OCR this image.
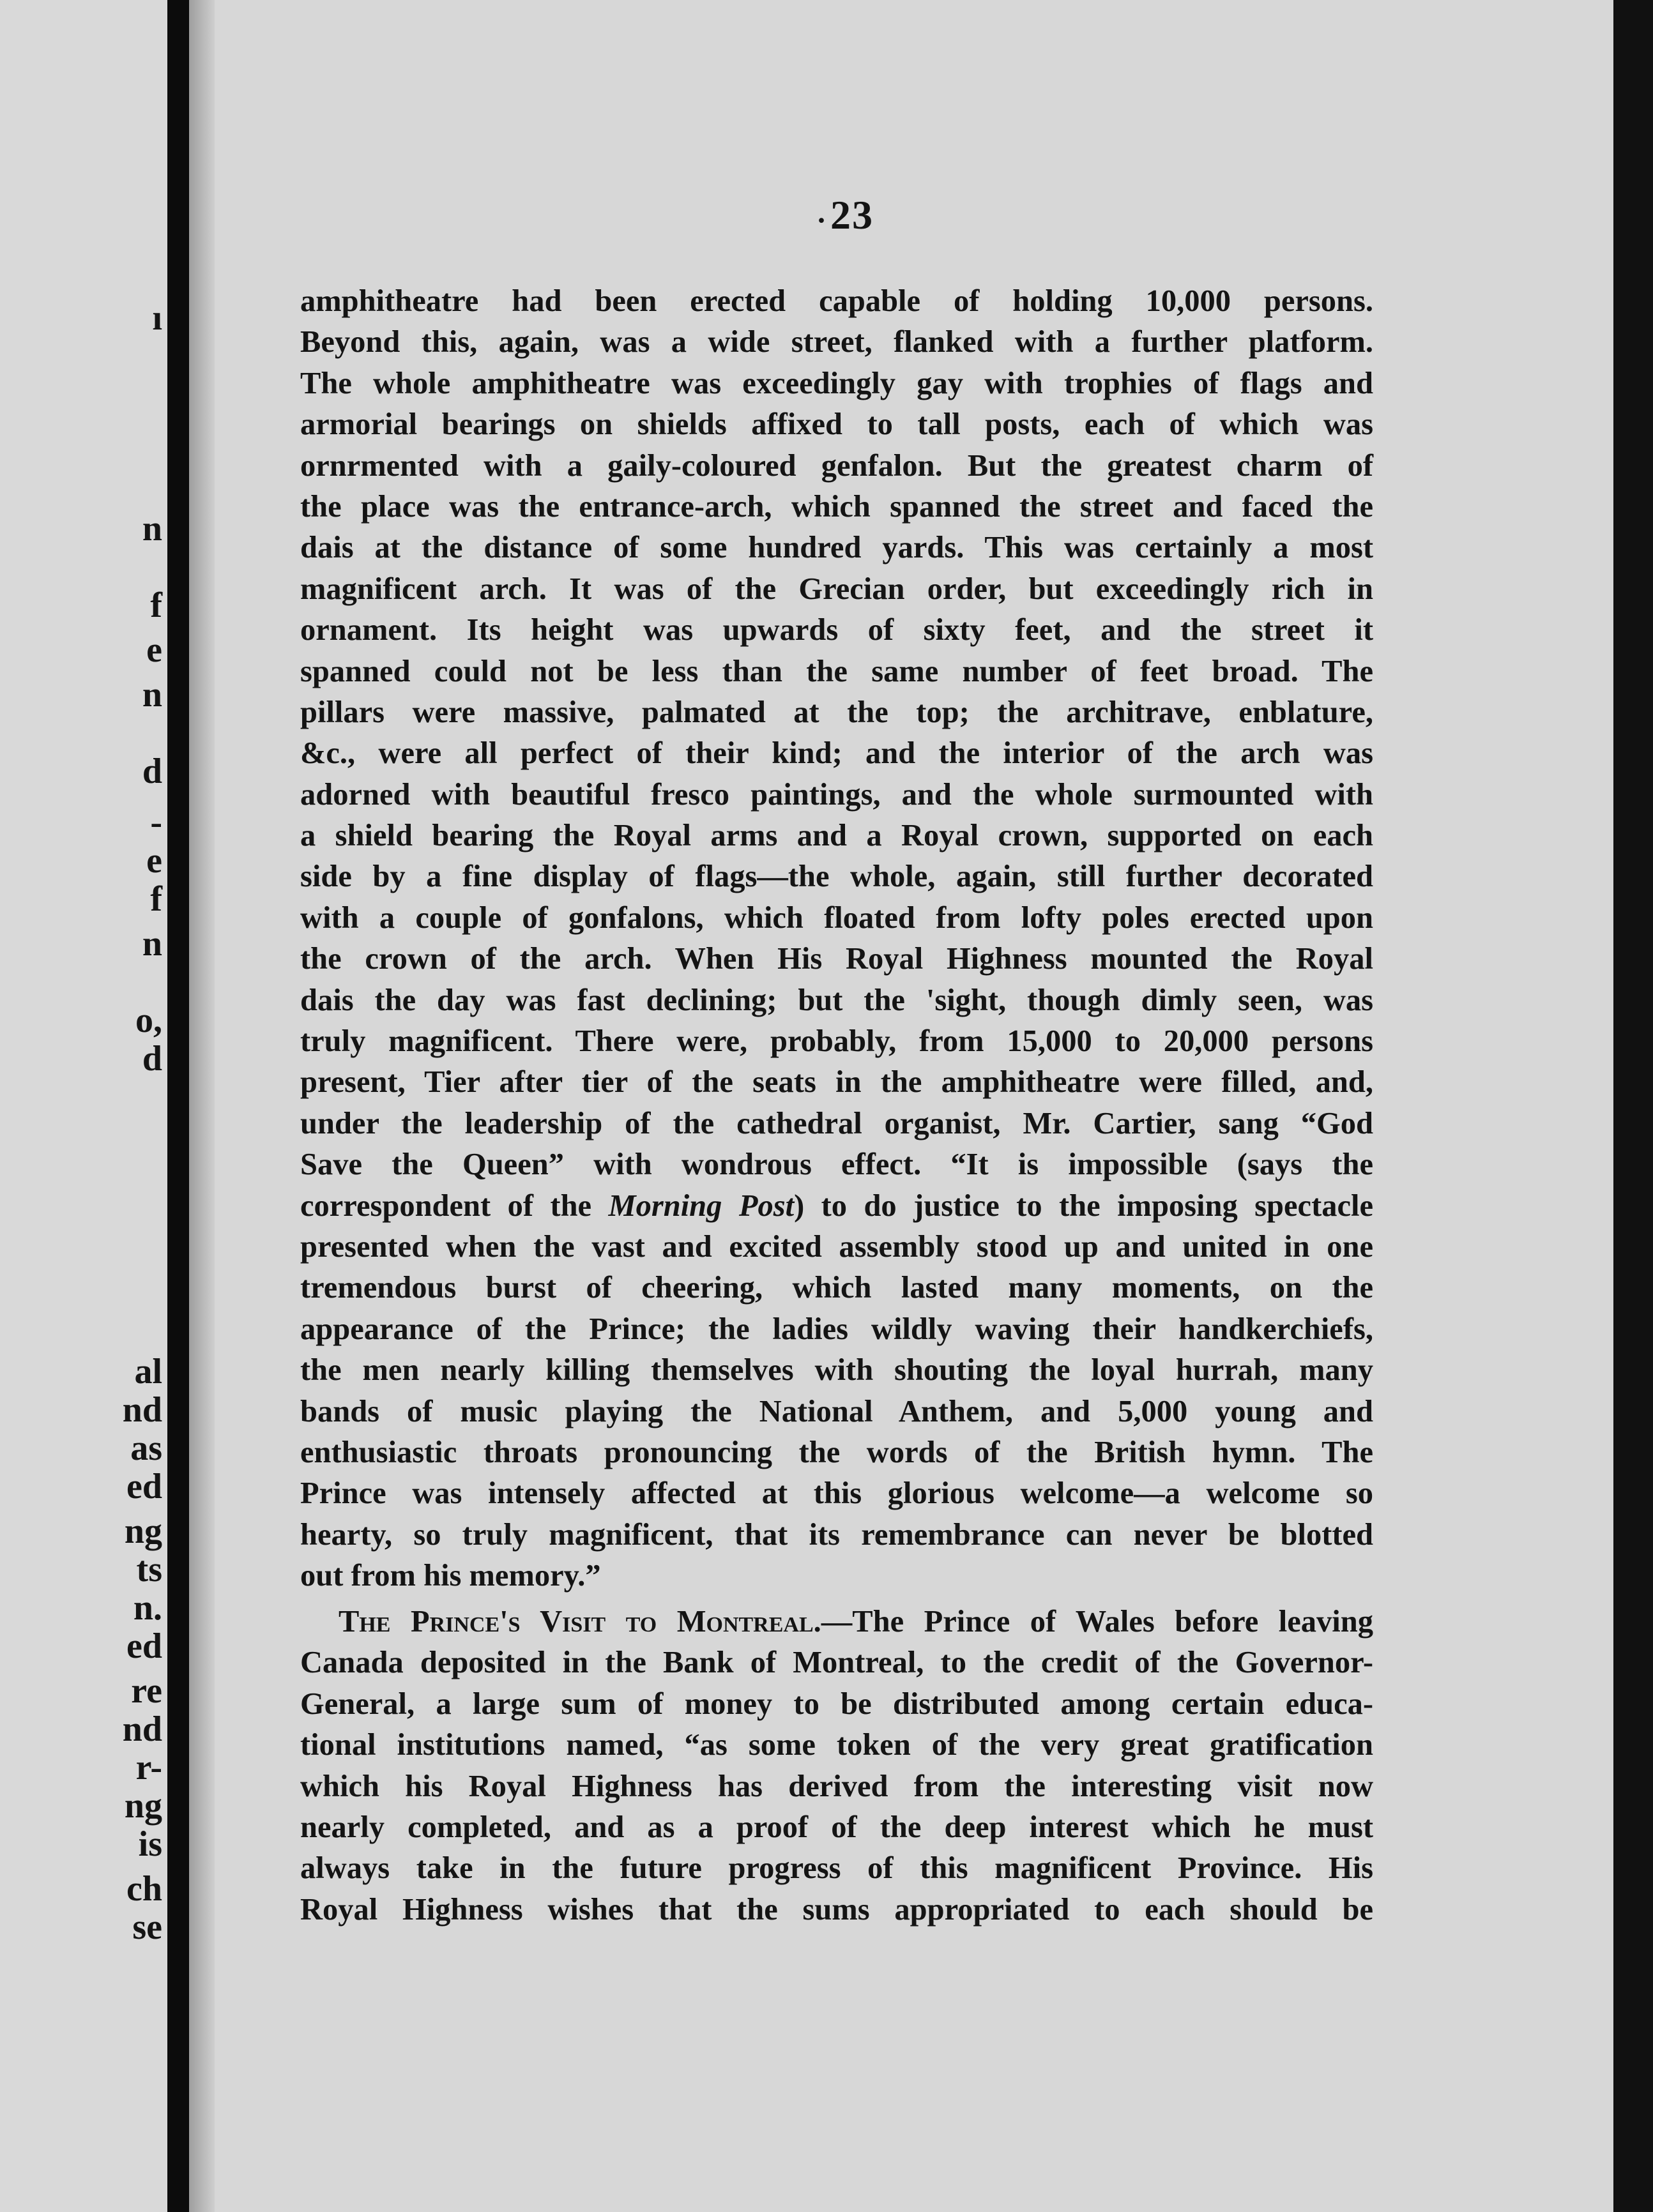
ı
n
f
e
n
d
-
e
f
n
o,
d
al
nd
as
ed
ng
ts
n.
ed
re
nd
r-
ng
is
ch
se
· 23
amphitheatre had been erected capable of holding 10,000 persons.
Beyond this, again, was a wide street, flanked with a further platform.
The whole amphitheatre was exceedingly gay with trophies of flags and
armorial bearings on shields affixed to tall posts, each of which was
ornrmented with a gaily-coloured genfalon. But the greatest charm of
the place was the entrance-arch, which spanned the street and faced the
dais at the distance of some hundred yards. This was certainly a most
magnificent arch. It was of the Grecian order, but exceedingly rich in
ornament. Its height was upwards of sixty feet, and the street it
spanned could not be less than the same number of feet broad. The
pillars were massive, palmated at the top; the architrave, enblature,
&c., were all perfect of their kind; and the interior of the arch was
adorned with beautiful fresco paintings, and the whole surmounted with
a shield bearing the Royal arms and a Royal crown, supported on each
side by a fine display of flags—the whole, again, still further decorated
with a couple of gonfalons, which floated from lofty poles erected upon
the crown of the arch. When His Royal Highness mounted the Royal
dais the day was fast declining; but the 'sight, though dimly seen, was
truly magnificent. There were, probably, from 15,000 to 20,000 persons
present, Tier after tier of the seats in the amphitheatre were filled, and,
under the leadership of the cathedral organist, Mr. Cartier, sang “God
Save the Queen” with wondrous effect. “It is impossible (says the
correspondent of the Morning Post) to do justice to the imposing spectacle
presented when the vast and excited assembly stood up and united in one
tremendous burst of cheering, which lasted many moments, on the
appearance of the Prince; the ladies wildly waving their handkerchiefs,
the men nearly killing themselves with shouting the loyal hurrah, many
bands of music playing the National Anthem, and 5,000 young and
enthusiastic throats pronouncing the words of the British hymn. The
Prince was intensely affected at this glorious welcome—a welcome so
hearty, so truly magnificent, that its remembrance can never be blotted
out from his memory.”
The Prince's Visit to Montreal.—The Prince of Wales before leaving
Canada deposited in the Bank of Montreal, to the credit of the Governor-
General, a large sum of money to be distributed among certain educa-
tional institutions named, “as some token of the very great gratification
which his Royal Highness has derived from the interesting visit now
nearly completed, and as a proof of the deep interest which he must
always take in the future progress of this magnificent Province. His
Royal Highness wishes that the sums appropriated to each should be
